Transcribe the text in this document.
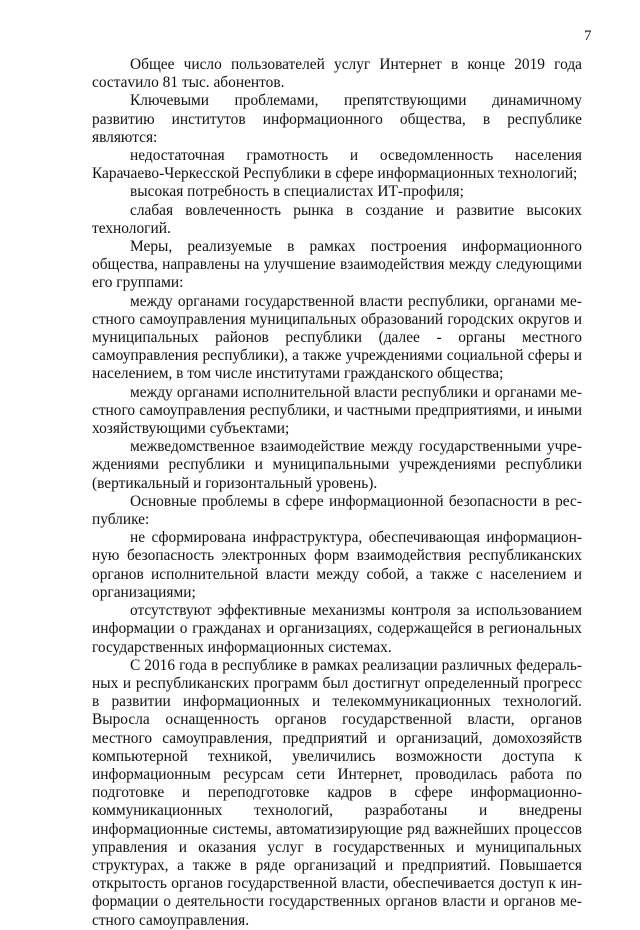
7

Общее число пользователей услуг Интернет в конце 2019 года состаvило 81 тыс. абонентов.

Ключевыми проблемами, препятствующими динамичному развитию институтов информационного общества, в республике являются:

недостаточная грамотность и осведомленность населения Карачаево-Черкесской Республики в сфере информационных технологий;

высокая потребность в специалистах ИТ-профиля;

слабая вовлеченность рынка в создание и развитие высоких технологий.

Меры, реализуемые в рамках построения информационного общества, направлены на улучшение взаимодействия между следующими его группами:

между органами государственной власти республики, органами местного самоуправления муниципальных образований городских округов и муниципальных районов республики (далее - органы местного самоуправления республики), а также учреждениями социальной сферы и населением, в том числе институтами гражданского общества;

между органами исполнительной власти республики и органами местного самоуправления республики, и частными предприятиями, и иными хозяйствующими субъектами;

межведомственное взаимодействие между государственными учреждениями республики и муниципальными учреждениями республики (вертикальный и горизонтальный уровень).

Основные проблемы в сфере информационной безопасности в республике:

не сформирована инфраструктура, обеспечивающая информационную безопасность электронных форм взаимодействия республиканских органов исполнительной власти между собой, а также с населением и организациями;

отсутствуют эффективные механизмы контроля за использованием информации о гражданах и организациях, содержащейся в региональных государственных информационных системах.

С 2016 года в республике в рамках реализации различных федеральных и республиканских программ был достигнут определенный прогресс в развитии информационных и телекоммуникационных технологий. Выросла оснащенность органов государственной власти, органов местного самоуправления, предприятий и организаций, домохозяйств компьютерной техникой, увеличились возможности доступа к информационным ресурсам сети Интернет, проводилась работа по подготовке и переподготовке кадров в сфере информационно-коммуникационных технологий, разработаны и внедрены информационные системы, автоматизирующие ряд важнейших процессов управления и оказания услуг в государственных и муниципальных структурах, а также в ряде организаций и предприятий. Повышается открытость органов государственной власти, обеспечивается доступ к информации о деятельности государственных органов власти и органов местного самоуправления.
